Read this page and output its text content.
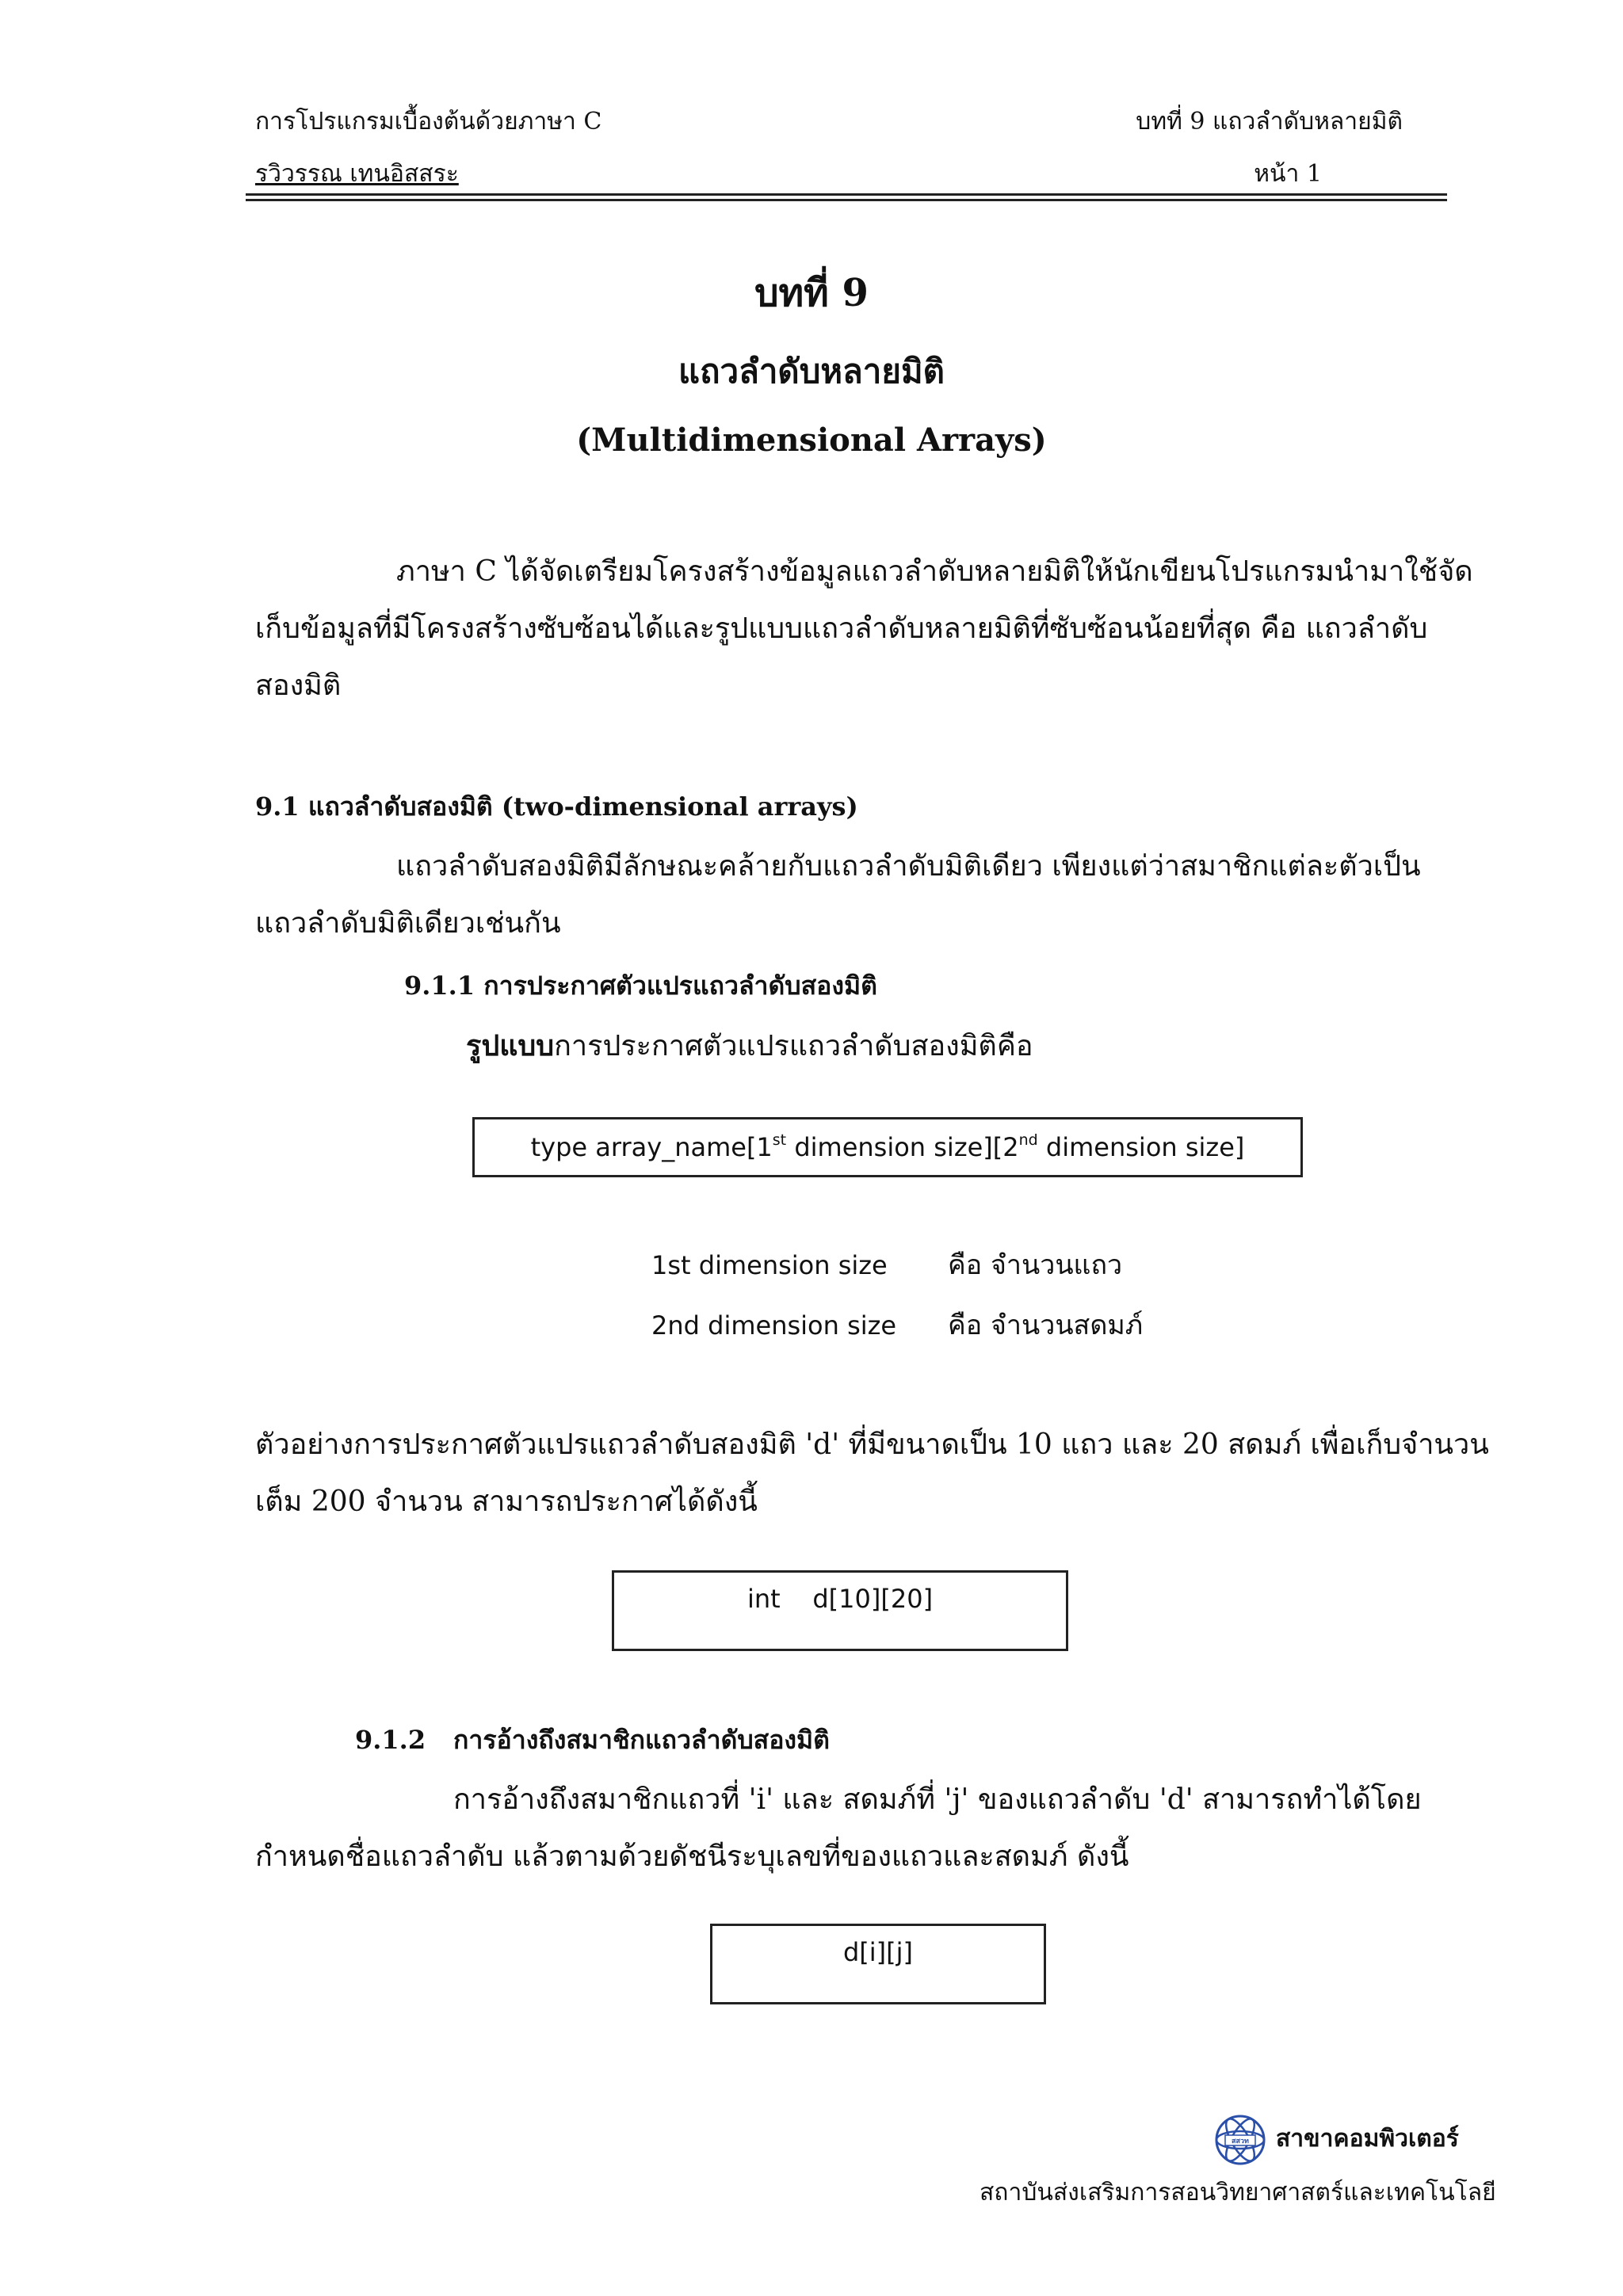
การโปรแกรมเบื้องต้นด้วยภาษา C	บทที่ 9 แถวลำดับหลายมิติ
รวิวรรณ เทนอิสสระ	หน้า 1
บทที่ 9
แถวลำดับหลายมิติ
(Multidimensional Arrays)
ภาษา C ได้จัดเตรียมโครงสร้างข้อมูลแถวลำดับหลายมิติให้นักเขียนโปรแกรมนำมาใช้จัด
เก็บข้อมูลที่มีโครงสร้างซับซ้อนได้และรูปแบบแถวลำดับหลายมิติที่ซับซ้อนน้อยที่สุด คือ แถวลำดับ
สองมิติ
9.1 แถวลำดับสองมิติ (two-dimensional arrays)
แถวลำดับสองมิติมีลักษณะคล้ายกับแถวลำดับมิติเดียว เพียงแต่ว่าสมาชิกแต่ละตัวเป็น
แถวลำดับมิติเดียวเช่นกัน
9.1.1 การประกาศตัวแปรแถวลำดับสองมิติ
รูปแบบการประกาศตัวแปรแถวลำดับสองมิติคือ
type array_name[1st dimension size][2nd dimension size]
1st dimension size คือ จำนวนแถว
2nd dimension size คือ จำนวนสดมภ์
ตัวอย่างการประกาศตัวแปรแถวลำดับสองมิติ 'd' ที่มีขนาดเป็น 10 แถว และ 20 สดมภ์ เพื่อเก็บจำนวน
เต็ม 200 จำนวน สามารถประกาศได้ดังนี้
int    d[10][20]
9.1.2 การอ้างถึงสมาชิกแถวลำดับสองมิติ
การอ้างถึงสมาชิกแถวที่ 'i' และ สดมภ์ที่ 'j' ของแถวลำดับ 'd' สามารถทำได้โดย
กำหนดชื่อแถวลำดับ แล้วตามด้วยดัชนีระบุเลขที่ของแถวและสดมภ์ ดังนี้
d[i][j]
สสวท สาขาคอมพิวเตอร์
สถาบันส่งเสริมการสอนวิทยาศาสตร์และเทคโนโลยี
